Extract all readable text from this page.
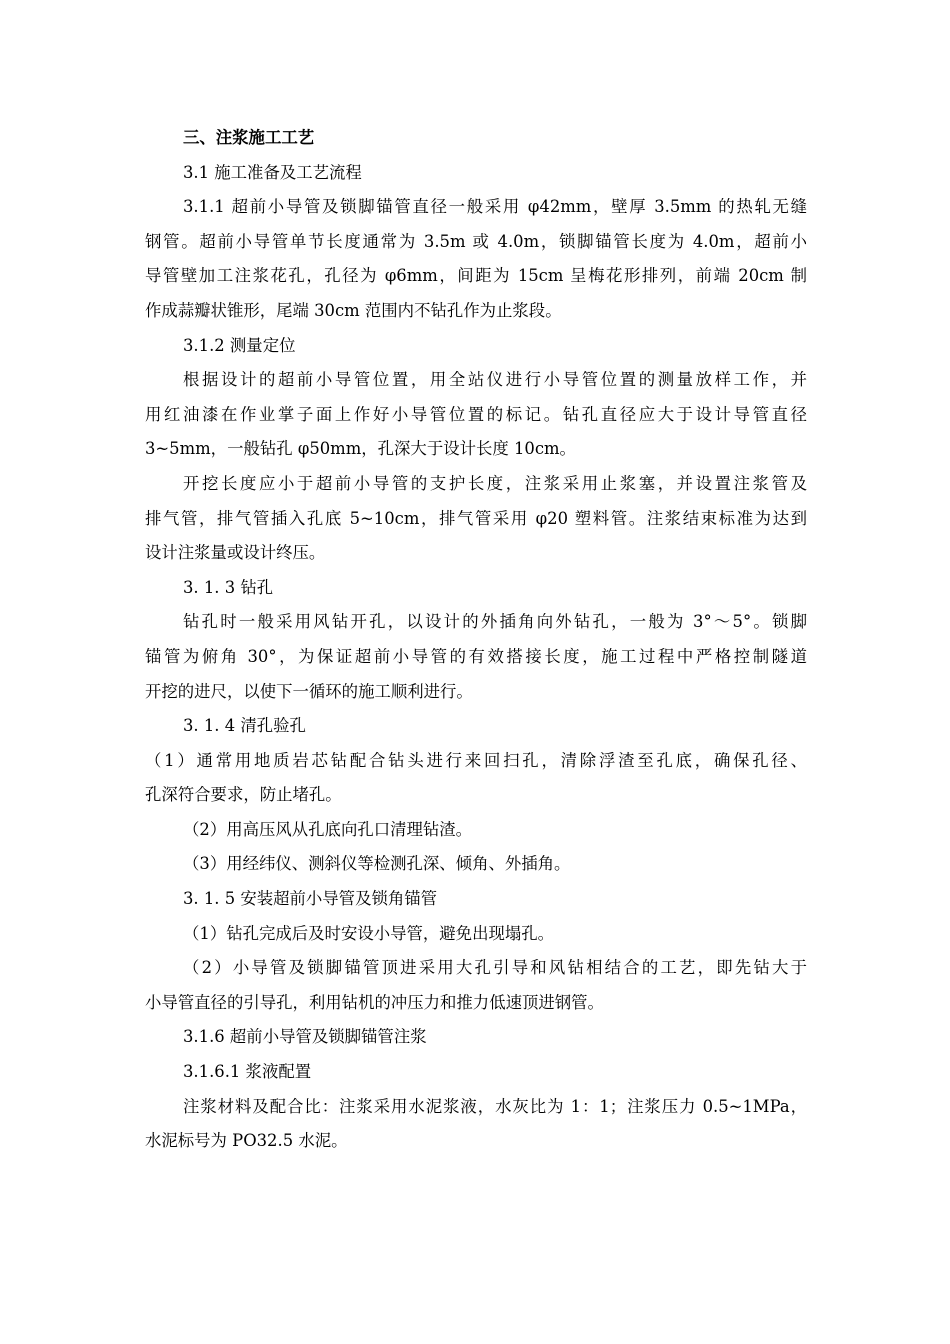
三、注浆施工工艺
3.1 施工准备及工艺流程
3.1.1 超前小导管及锁脚锚管直径一般采用 φ42mm，壁厚 3.5mm 的热轧无缝
钢管。超前小导管单节长度通常为 3.5m 或 4.0m，锁脚锚管长度为 4.0m，超前小
导管壁加工注浆花孔，孔径为 φ6mm，间距为 15cm 呈梅花形排列，前端 20cm 制
作成蒜瓣状锥形，尾端 30cm 范围内不钻孔作为止浆段。
3.1.2 测量定位
根据设计的超前小导管位置，用全站仪进行小导管位置的测量放样工作，并
用红油漆在作业掌子面上作好小导管位置的标记。钻孔直径应大于设计导管直径
3~5mm，一般钻孔 φ50mm，孔深大于设计长度 10cm。
开挖长度应小于超前小导管的支护长度，注浆采用止浆塞，并设置注浆管及
排气管，排气管插入孔底 5~10cm，排气管采用 φ20 塑料管。注浆结束标准为达到
设计注浆量或设计终压。
3. 1. 3 钻孔
钻孔时一般采用风钻开孔，以设计的外插角向外钻孔，一般为 3°～5°。锁脚
锚管为俯角 30°，为保证超前小导管的有效搭接长度，施工过程中严格控制隧道
开挖的进尺，以使下一循环的施工顺利进行。
3. 1. 4 清孔验孔
（1）通常用地质岩芯钻配合钻头进行来回扫孔，清除浮渣至孔底，确保孔径、
孔深符合要求，防止堵孔。
（2）用高压风从孔底向孔口清理钻渣。
（3）用经纬仪、测斜仪等检测孔深、倾角、外插角。
3. 1. 5 安装超前小导管及锁角锚管
（1）钻孔完成后及时安设小导管，避免出现塌孔。
（2）小导管及锁脚锚管顶进采用大孔引导和风钻相结合的工艺，即先钻大于
小导管直径的引导孔，利用钻机的冲压力和推力低速顶进钢管。
3.1.6 超前小导管及锁脚锚管注浆
3.1.6.1 浆液配置
注浆材料及配合比：注浆采用水泥浆液，水灰比为 1：1；注浆压力 0.5~1MPa，
水泥标号为 PO32.5 水泥。
